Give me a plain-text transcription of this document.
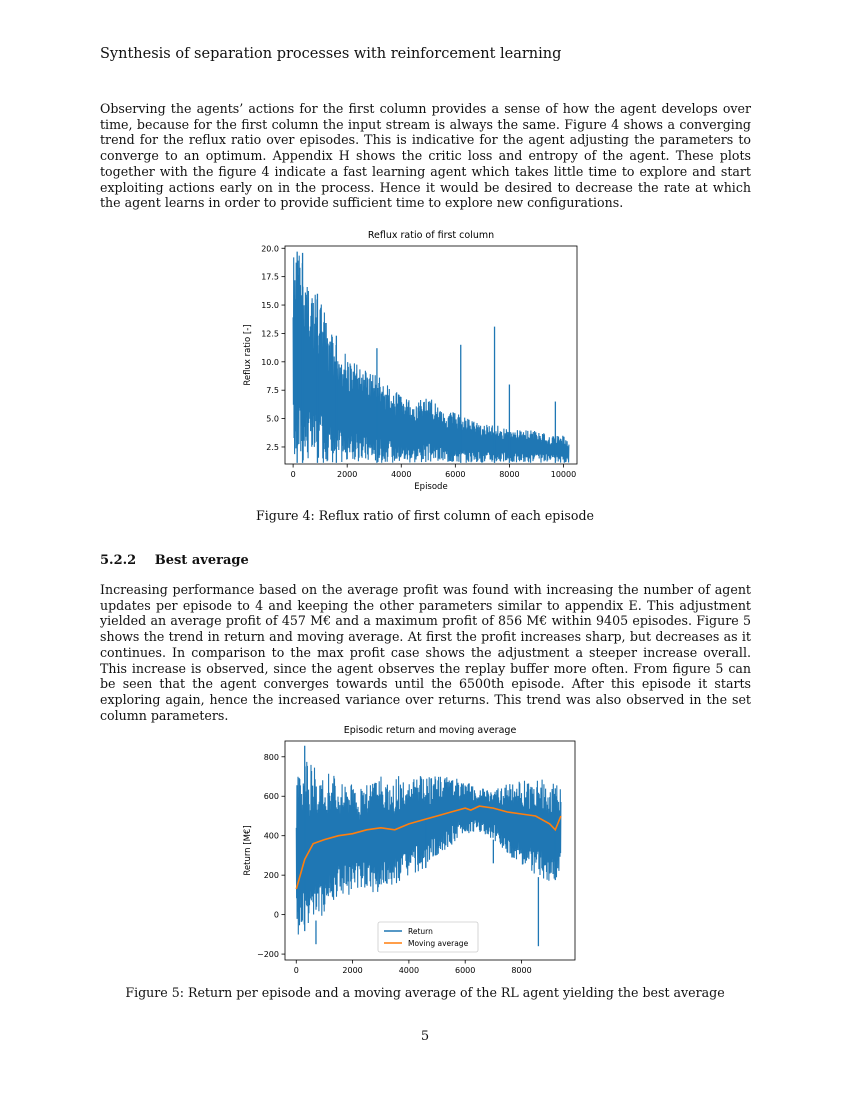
Synthesis of separation processes with reinforcement learning

Observing the agents’ actions for the first column provides a sense of how the agent develops over time, because for the first column the input stream is always the same. Figure 4 shows a converging trend for the reflux ratio over episodes. This is indicative for the agent adjusting the parameters to converge to an optimum. Appendix H shows the critic loss and entropy of the agent. These plots together with the figure 4 indicate a fast learning agent which takes little time to explore and start exploiting actions early on in the process. Hence it would be desired to decrease the rate at which the agent learns in order to provide sufficient time to explore new configurations.

Reflux ratio of first column
0	2000	4000	6000	8000	10000
2.5
5.0
7.5
10.0
12.5
15.0
17.5
20.0
Episode
Reflux ratio [-]
Figure 4: Reflux ratio of first column of each episode
5.2.2 Best average

Increasing performance based on the average profit was found with increasing the number of agent updates per episode to 4 and keeping the other parameters similar to appendix E. This adjustment yielded an average profit of 457 M€ and a maximum profit of 856 M€ within 9405 episodes. Figure 5 shows the trend in return and moving average. At first the profit increases sharp, but decreases as it continues. In comparison to the max profit case shows the adjustment a steeper increase overall. This increase is observed, since the agent observes the replay buffer more often. From figure 5 can be seen that the agent converges towards until the 6500th episode. After this episode it starts exploring again, hence the increased variance over returns. This trend was also observed in the set column parameters.

Episodic return and moving average
0	2000	4000	6000	8000
−200
0
200
400
600
800
Return [M€]
Return
Moving average
Figure 5: Return per episode and a moving average of the RL agent yielding the best average
5
